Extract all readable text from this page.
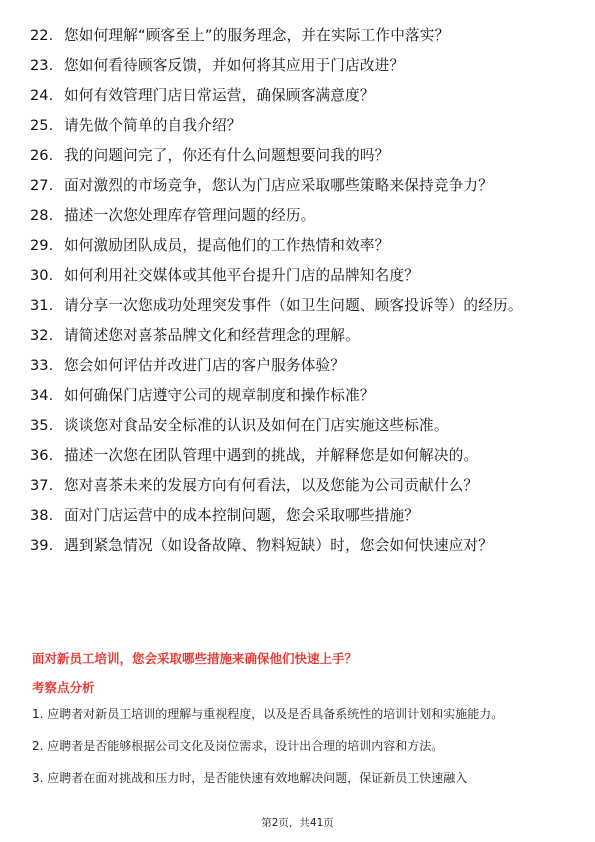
22. 您如何理解“顾客至上”的服务理念，并在实际工作中落实？
23. 您如何看待顾客反馈，并如何将其应用于门店改进？
24. 如何有效管理门店日常运营，确保顾客满意度？
25. 请先做个简单的自我介绍？
26. 我的问题问完了，你还有什么问题想要问我的吗？
27. 面对激烈的市场竞争，您认为门店应采取哪些策略来保持竞争力？
28. 描述一次您处理库存管理问题的经历。
29. 如何激励团队成员，提高他们的工作热情和效率？
30. 如何利用社交媒体或其他平台提升门店的品牌知名度？
31. 请分享一次您成功处理突发事件（如卫生问题、顾客投诉等）的经历。
32. 请简述您对喜茶品牌文化和经营理念的理解。
33. 您会如何评估并改进门店的客户服务体验？
34. 如何确保门店遵守公司的规章制度和操作标准？
35. 谈谈您对食品安全标准的认识及如何在门店实施这些标准。
36. 描述一次您在团队管理中遇到的挑战，并解释您是如何解决的。
37. 您对喜茶未来的发展方向有何看法，以及您能为公司贡献什么？
38. 面对门店运营中的成本控制问题，您会采取哪些措施？
39. 遇到紧急情况（如设备故障、物料短缺）时，您会如何快速应对？
面对新员工培训，您会采取哪些措施来确保他们快速上手？
考察点分析
1. 应聘者对新员工培训的理解与重视程度，以及是否具备系统性的培训计划和实施能力。
2. 应聘者是否能够根据公司文化及岗位需求，设计出合理的培训内容和方法。
3. 应聘者在面对挑战和压力时，是否能快速有效地解决问题，保证新员工快速融入
第2页，共41页
